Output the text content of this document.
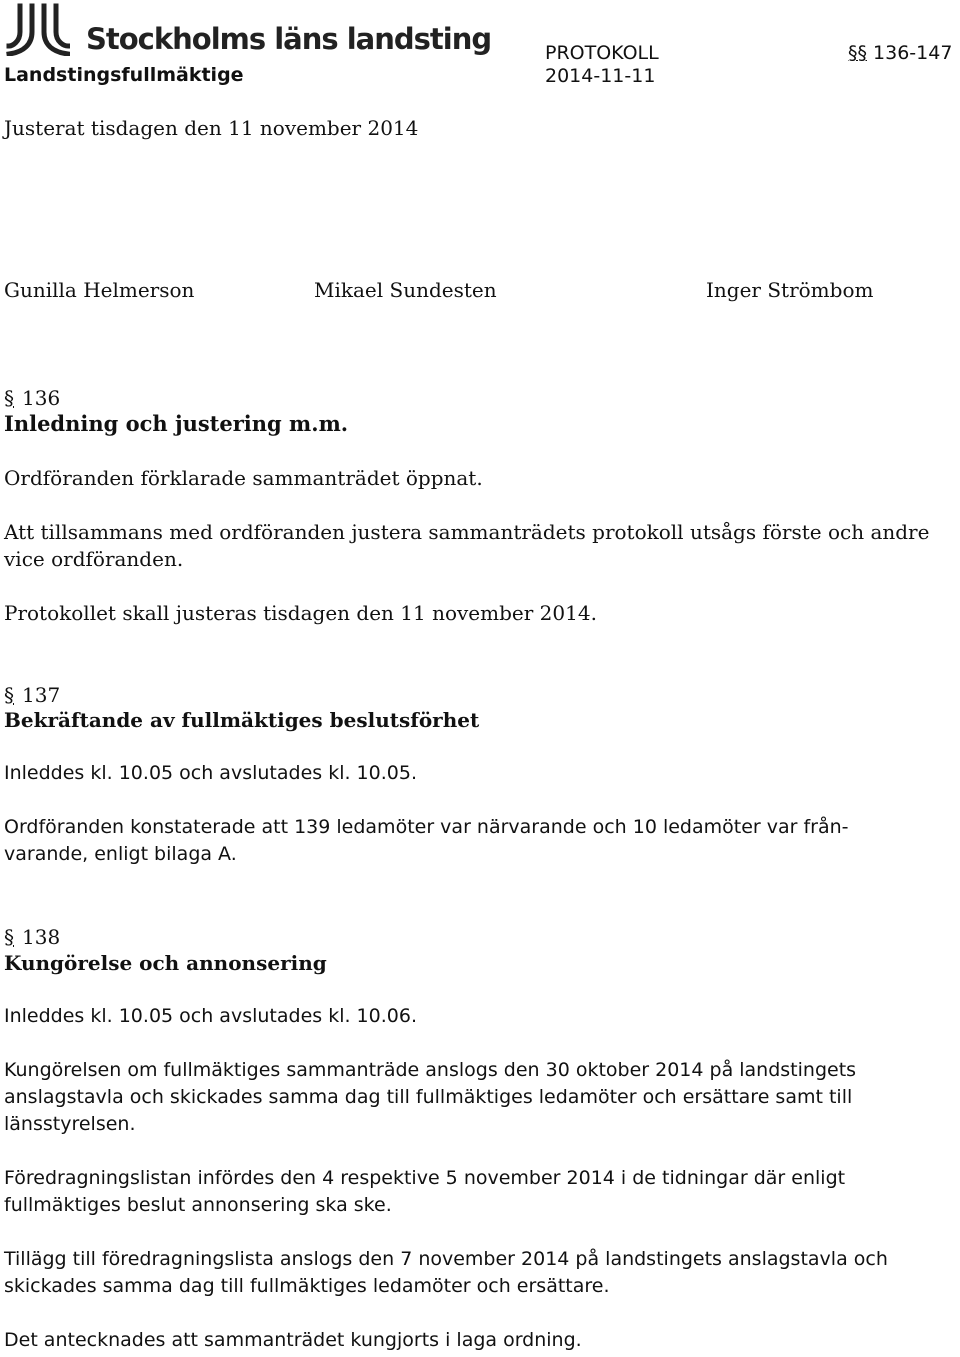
Stockholms läns landsting
Landstingsfullmäktige
PROTOKOLL
2014-11-11
§§ 136-147
Justerat tisdagen den 11 november 2014
Gunilla Helmerson	Mikael Sundesten	Inger Strömbom
§ 136
Inledning och justering m.m.
Ordföranden förklarade sammanträdet öppnat.
Att tillsammans med ordföranden justera sammanträdets protokoll utsågs förste och andre
vice ordföranden.
Protokollet skall justeras tisdagen den 11 november 2014.
§ 137
Bekräftande av fullmäktiges beslutsförhet
Inleddes kl. 10.05 och avslutades kl. 10.05.
Ordföranden konstaterade att 139 ledamöter var närvarande och 10 ledamöter var från-
varande, enligt bilaga A.
§ 138
Kungörelse och annonsering
Inleddes kl. 10.05 och avslutades kl. 10.06.
Kungörelsen om fullmäktiges sammanträde anslogs den 30 oktober 2014 på landstingets
anslagstavla och skickades samma dag till fullmäktiges ledamöter och ersättare samt till
länsstyrelsen.
Föredragningslistan infördes den 4 respektive 5 november 2014 i de tidningar där enligt
fullmäktiges beslut annonsering ska ske.
Tillägg till föredragningslista anslogs den 7 november 2014 på landstingets anslagstavla och
skickades samma dag till fullmäktiges ledamöter och ersättare.
Det antecknades att sammanträdet kungjorts i laga ordning.
